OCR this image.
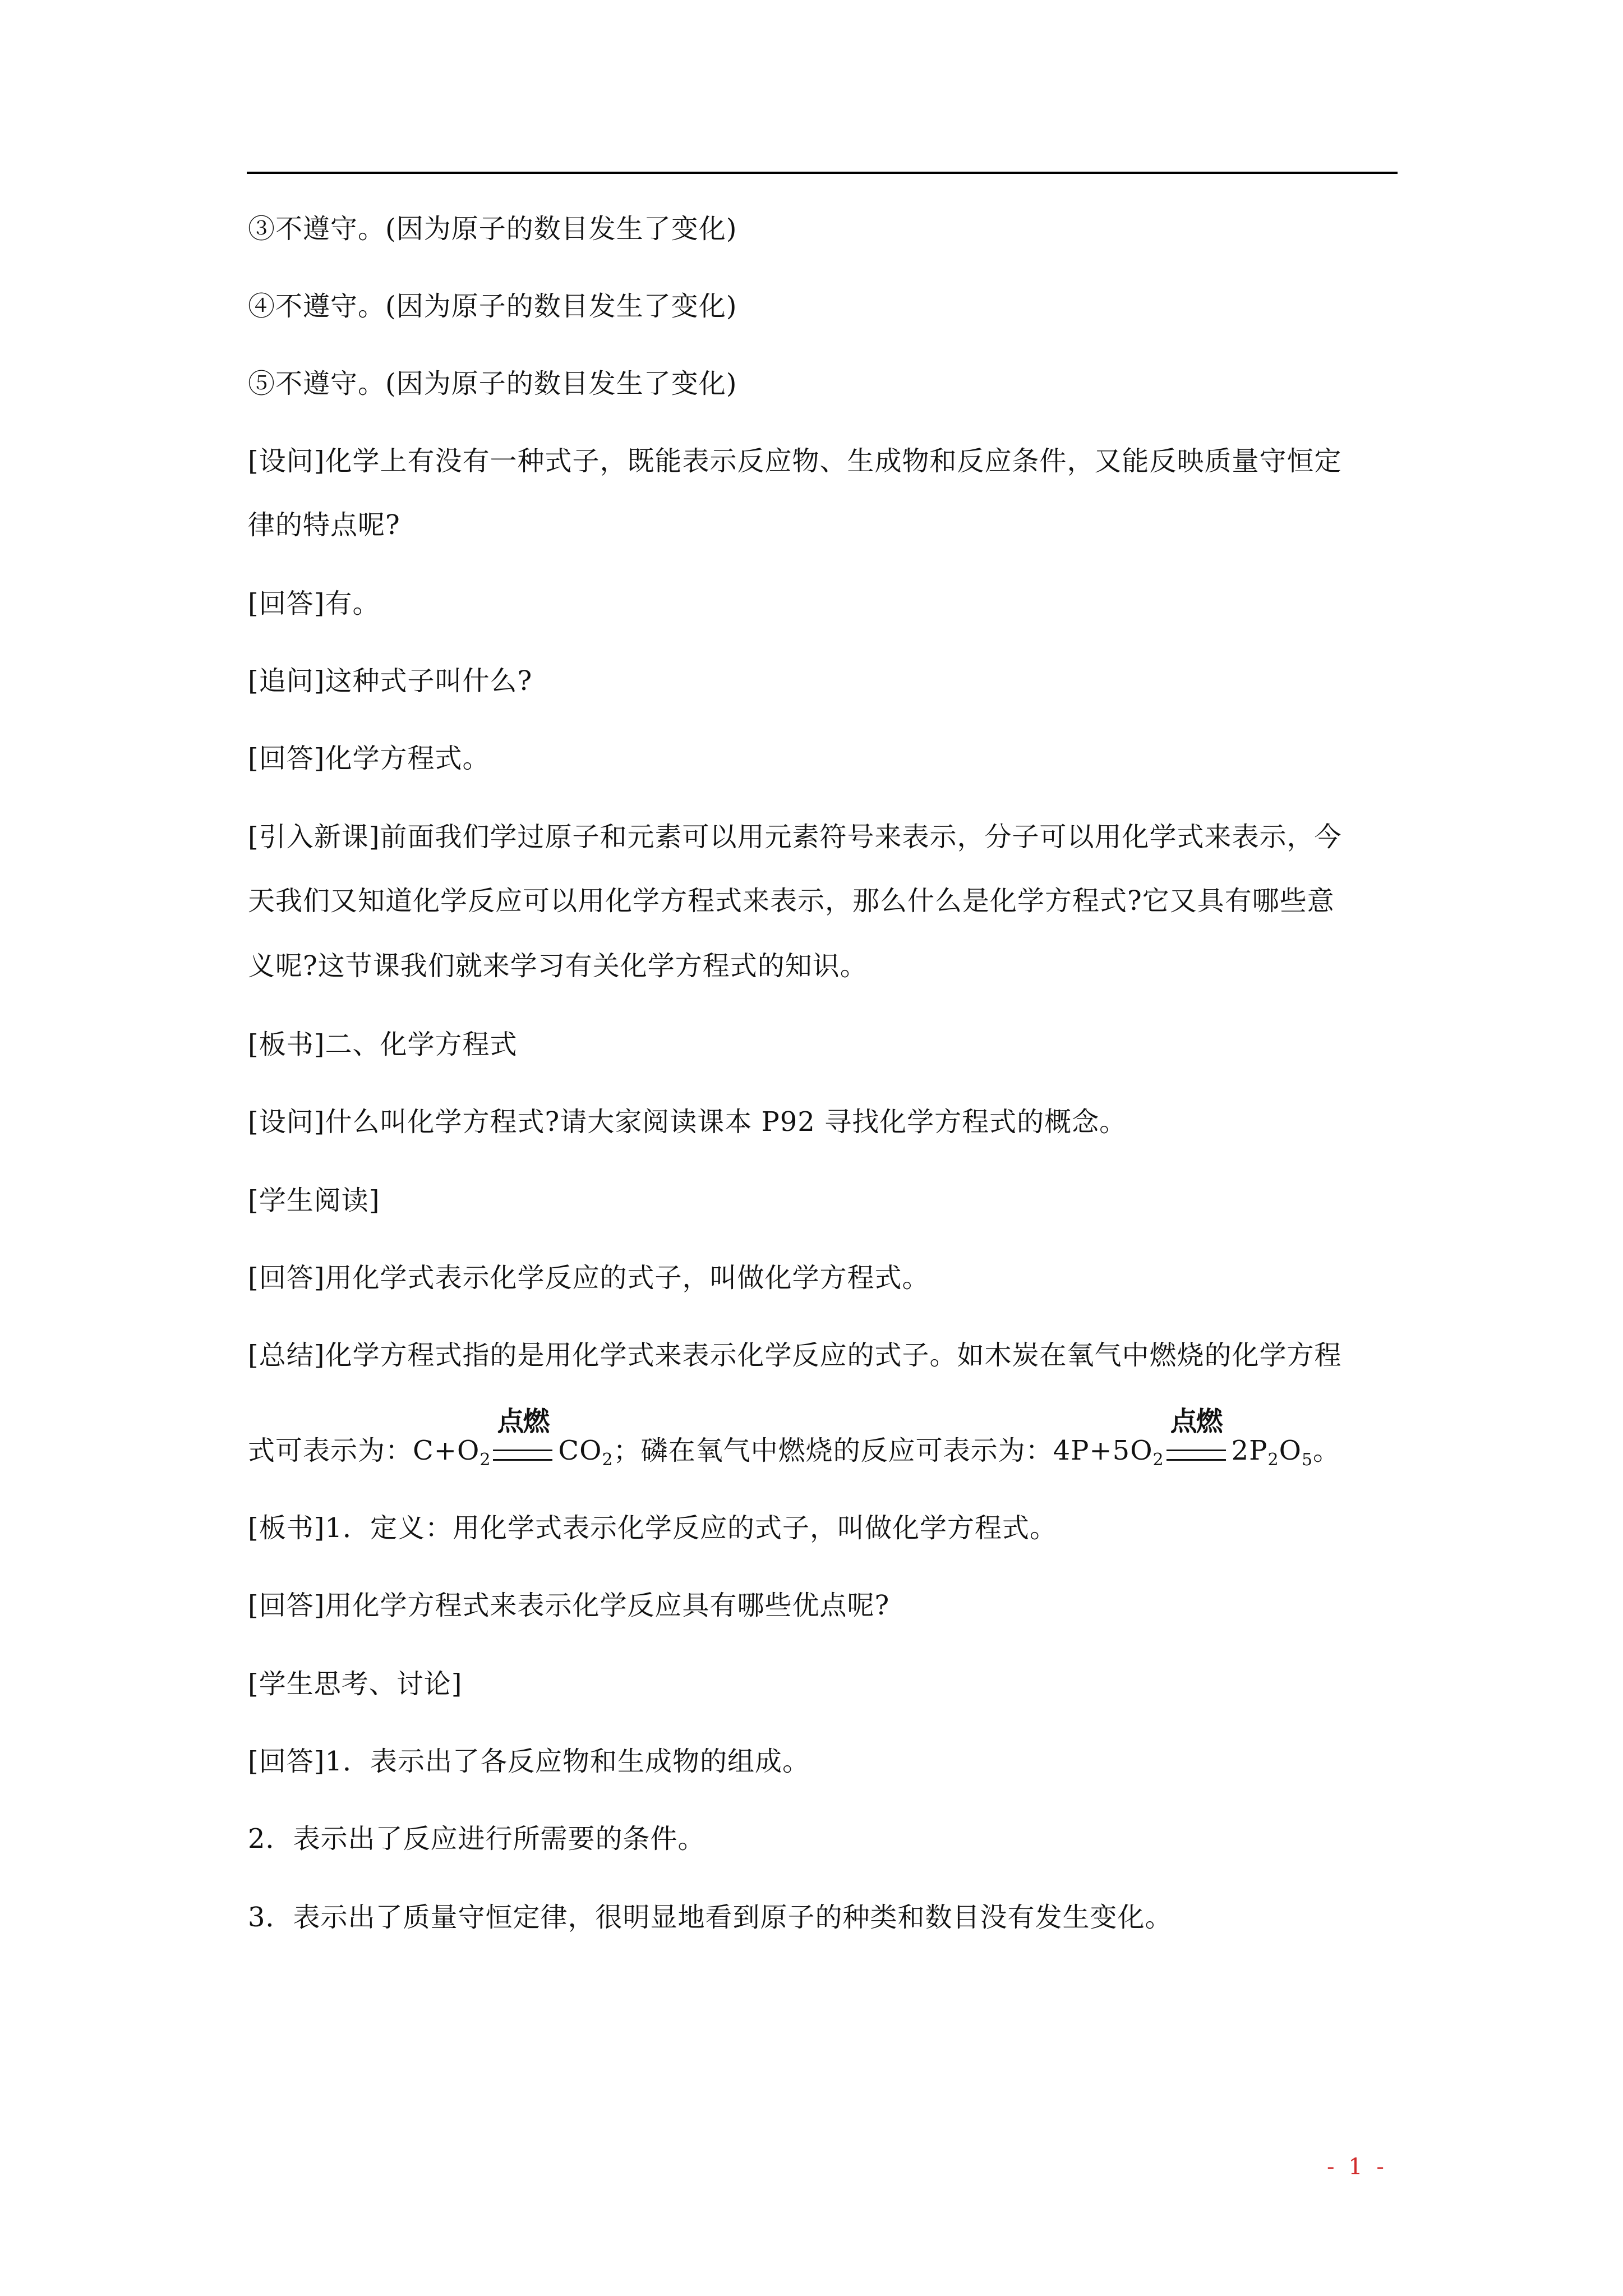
③不遵守。(因为原子的数目发生了变化)
④不遵守。(因为原子的数目发生了变化)
⑤不遵守。(因为原子的数目发生了变化)
[设问]化学上有没有一种式子，既能表示反应物、生成物和反应条件，又能反映质量守恒定
律的特点呢?
[回答]有。
[追问]这种式子叫什么?
[回答]化学方程式。
[引入新课]前面我们学过原子和元素可以用元素符号来表示，分子可以用化学式来表示，今
天我们又知道化学反应可以用化学方程式来表示，那么什么是化学方程式?它又具有哪些意
义呢?这节课我们就来学习有关化学方程式的知识。
[板书]二、化学方程式
[设问]什么叫化学方程式?请大家阅读课本 P92 寻找化学方程式的概念。
[学生阅读]
[回答]用化学式表示化学反应的式子，叫做化学方程式。
[总结]化学方程式指的是用化学式来表示化学反应的式子。如木炭在氧气中燃烧的化学方程
式可表示为：$C+O_2$
点燃
$CO_2$；磷在氧气中燃烧的反应可表示为：$4P+5O_2$
点燃
$2P_2O_5$。
[板书]1．定义：用化学式表示化学反应的式子，叫做化学方程式。
[回答]用化学方程式来表示化学反应具有哪些优点呢?
[学生思考、讨论]
[回答]1．表示出了各反应物和生成物的组成。
2．表示出了反应进行所需要的条件。
3．表示出了质量守恒定律，很明显地看到原子的种类和数目没有发生变化。
- 1 -
